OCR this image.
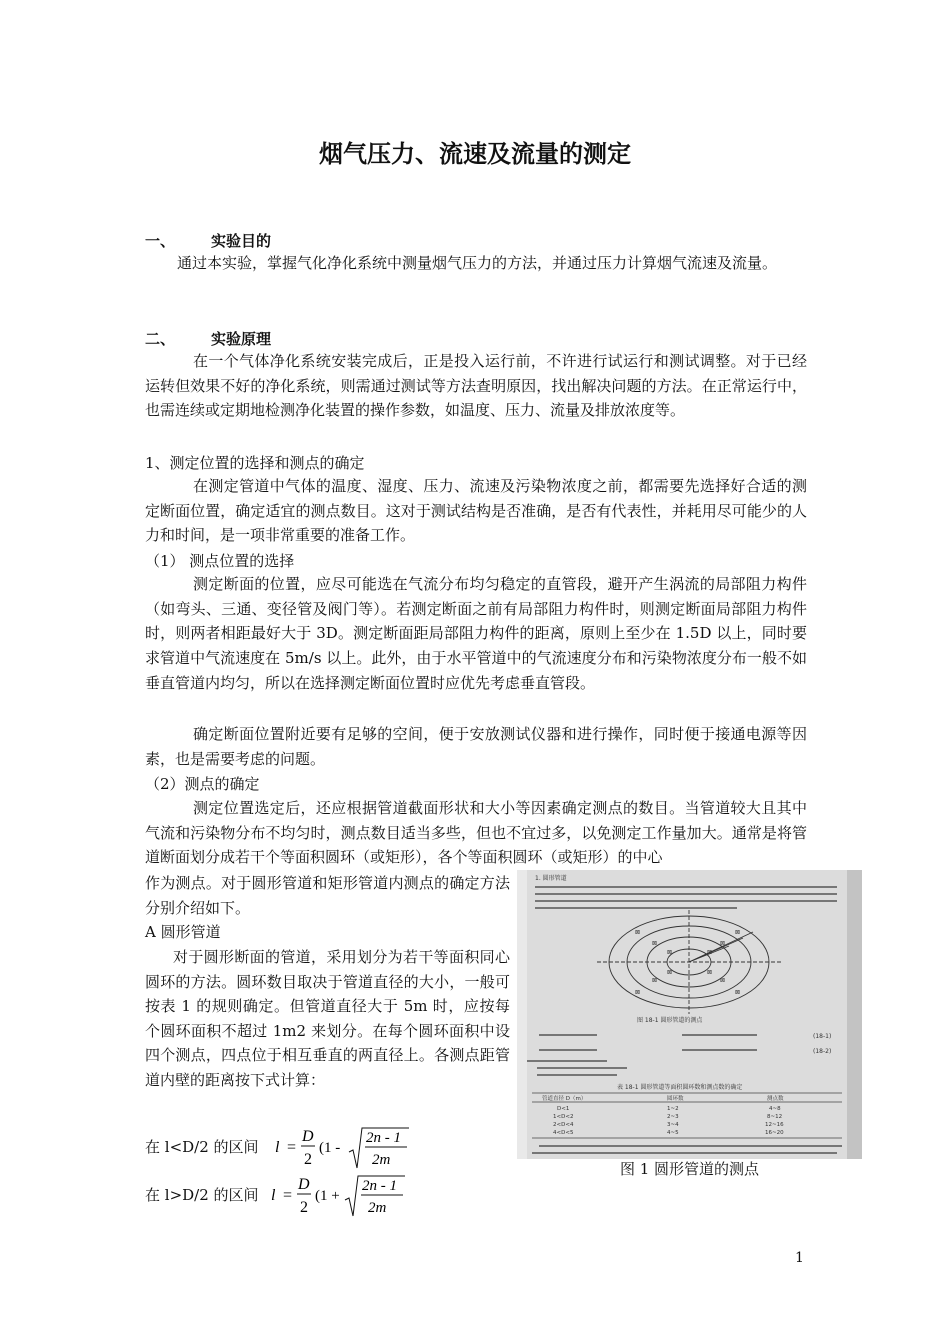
烟气压力、流速及流量的测定
一、 实验目的
通过本实验，掌握气化净化系统中测量烟气压力的方法，并通过压力计算烟气流速及流量。
二、 实验原理
在一个气体净化系统安装完成后，正是投入运行前，不许进行试运行和测试调整。对于已经运转但效果不好的净化系统，则需通过测试等方法查明原因，找出解决问题的方法。在正常运行中，也需连续或定期地检测净化装置的操作参数，如温度、压力、流量及排放浓度等。
1、测定位置的选择和测点的确定
在测定管道中气体的温度、湿度、压力、流速及污染物浓度之前，都需要先选择好合适的测定断面位置，确定适宜的测点数目。这对于测试结构是否准确，是否有代表性，并耗用尽可能少的人力和时间，是一项非常重要的准备工作。
（1） 测点位置的选择
测定断面的位置，应尽可能选在气流分布均匀稳定的直管段，避开产生涡流的局部阻力构件（如弯头、三通、变径管及阀门等）。若测定断面之前有局部阻力构件时，则测定断面局部阻力构件时，则两者相距最好大于 3D。测定断面距局部阻力构件的距离，原则上至少在 1.5D 以上，同时要求管道中气流速度在 5m/s 以上。此外，由于水平管道中的气流速度分布和污染物浓度分布一般不如垂直管道内均匀，所以在选择测定断面位置时应优先考虑垂直管段。
确定断面位置附近要有足够的空间，便于安放测试仪器和进行操作，同时便于接通电源等因素，也是需要考虑的问题。
（2）测点的确定
测定位置选定后，还应根据管道截面形状和大小等因素确定测点的数目。当管道较大且其中气流和污染物分布不均匀时，测点数目适当多些，但也不宜过多，以免测定工作量加大。通常是将管道断面划分成若干个等面积圆环（或矩形），各个等面积圆环（或矩形）的中心
作为测点。对于圆形管道和矩形管道内测点的确定方法分别介绍如下。
A 圆形管道
对于圆形断面的管道，采用划分为若干等面积同心圆环的方法。圆环数目取决于管道直径的大小，一般可按表 1 的规则确定。但管道直径大于 5m 时，应按每个圆环面积不超过 1m2 来划分。在每个圆环面积中设四个测点，四点位于相互垂直的两直径上。各测点距管道内壁的距离按下式计算：
在 l<D/2 的区间 l =
D
2
(1 -
2n - 1
2m
在 l>D/2 的区间 l =
D
2
(1 +
2n - 1
2m
1. 圆形管道
⊠	⊠
⊠	⊠
⊠	⊠
⊠	⊠
⊠	⊠
⊠	⊠
图 18-1 圆形管道的测点
(18-1)
(18-2)
表 18-1 圆形管道等面积圆环数和测点数的确定
管道直径 D（m）	圆环数	测点数
D<1	1~2	4~8
1<D<2	2~3	8~12
2<D<4	3~4	12~16
4<D<5	4~5	16~20
图 1 圆形管道的测点
1
